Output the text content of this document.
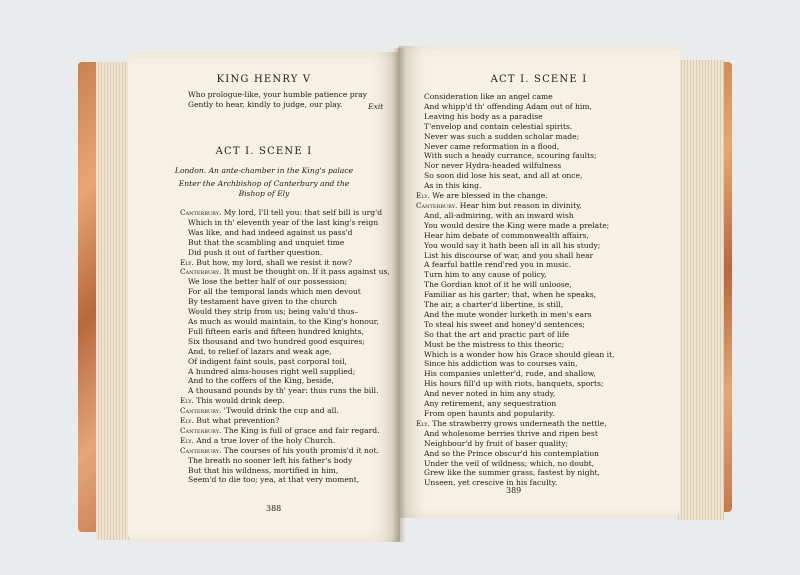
KING HENRY V
Who prologue-like, your humble patience pray
Gently to hear, kindly to judge, our play.	Exit
ACT I. SCENE I
London. An ante-chamber in the King's palace
Enter the Archbishop of Canterbury and the
Bishop of Ely
Canterbury. My lord, I'll tell you: that self bill is urg'd
Which in th' eleventh year of the last king's reign
Was like, and had indeed against us pass'd
But that the scambling and unquiet time
Did push it out of farther question.
Ely. But how, my lord, shall we resist it now?
Canterbury. It must be thought on. If it pass against us,
We lose the better half of our possession;
For all the temporal lands which men devout
By testament have given to the church
Would they strip from us; being valu'd thus–
As much as would maintain, to the King's honour,
Full fifteen earls and fifteen hundred knights,
Six thousand and two hundred good esquires;
And, to relief of lazars and weak age,
Of indigent faint souls, past corporal toil,
A hundred alms-houses right well supplied;
And to the coffers of the King, beside,
A thousand pounds by th' year: thus runs the bill.
Ely. This would drink deep.
Canterbury. 'Twould drink the cup and all.
Ely. But what prevention?
Canterbury. The King is full of grace and fair regard.
Ely. And a true lover of the holy Church.
Canterbury. The courses of his youth promis'd it not.
The breath no sooner left his father's body
But that his wildness, mortified in him,
Seem'd to die too; yea, at that very moment,
388
ACT I. SCENE I
Consideration like an angel came
And whipp'd th' offending Adam out of him,
Leaving his body as a paradise
T'envelop and contain celestial spirits.
Never was such a sudden scholar made;
Never came reformation in a flood,
With such a heady currance, scouring faults;
Nor never Hydra-headed wilfulness
So soon did lose his seat, and all at once,
As in this king.
Ely. We are blessed in the change.
Canterbury. Hear him but reason in divinity,
And, all-admiring, with an inward wish
You would desire the King were made a prelate;
Hear him debate of commonwealth affairs,
You would say it hath been all in all his study;
List his discourse of war, and you shall hear
A fearful battle rend'red you in music.
Turn him to any cause of policy,
The Gordian knot of it he will unloose,
Familiar as his garter; that, when he speaks,
The air, a charter'd libertine, is still,
And the mute wonder lurketh in men's ears
To steal his sweet and honey'd sentences;
So that the art and practic part of life
Must be the mistress to this theoric;
Which is a wonder how his Grace should glean it,
Since his addiction was to courses vain,
His companies unletter'd, rude, and shallow,
His hours fill'd up with riots, banquets, sports;
And never noted in him any study,
Any retirement, any sequestration
From open haunts and popularity.
Ely. The strawberry grows underneath the nettle,
And wholesome berries thrive and ripen best
Neighbour'd by fruit of baser quality;
And so the Prince obscur'd his contemplation
Under the veil of wildness; which, no doubt,
Grew like the summer grass, fastest by night,
Unseen, yet crescive in his faculty.
389
